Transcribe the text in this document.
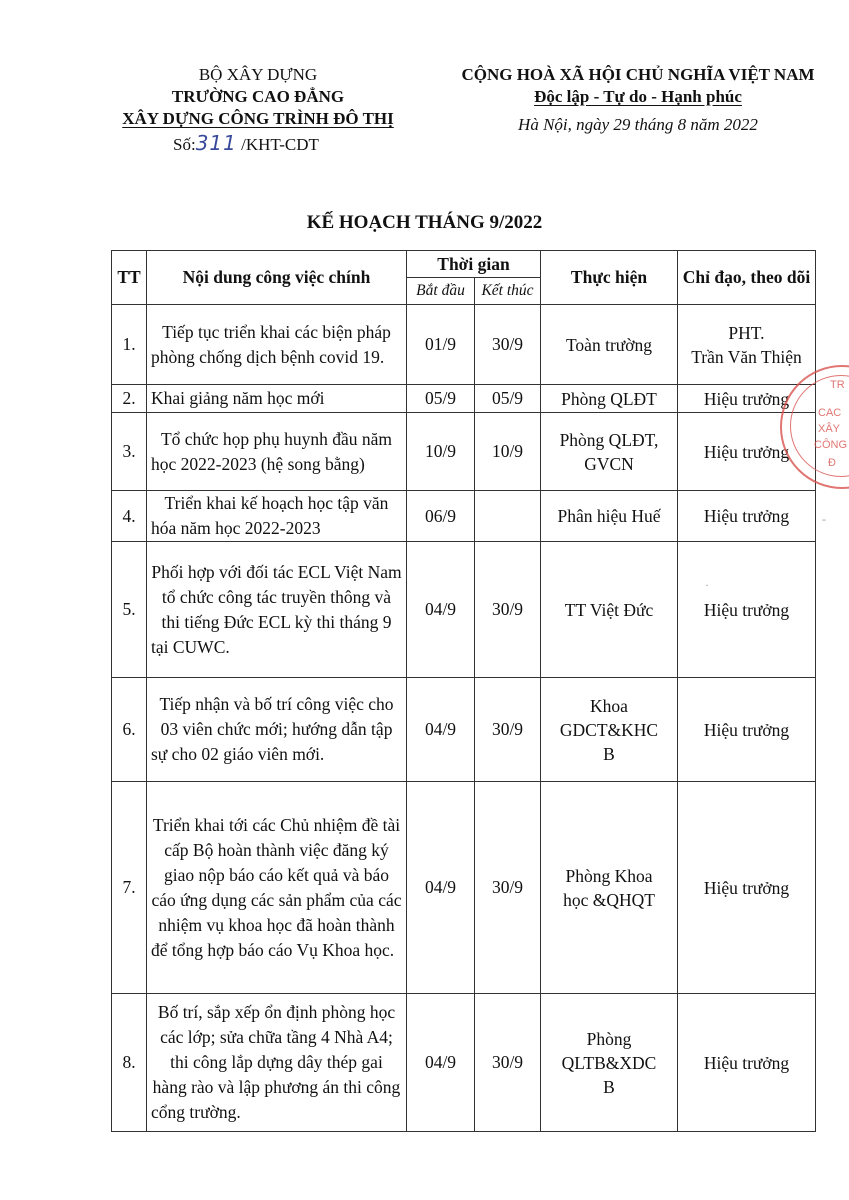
BỘ XÂY DỰNG
TRƯỜNG CAO ĐẲNG
XÂY DỰNG CÔNG TRÌNH ĐÔ THỊ
Số:311 /KHT-CDT
CỘNG HOÀ XÃ HỘI CHỦ NGHĨA VIỆT NAM
Độc lập - Tự do - Hạnh phúc
Hà Nội, ngày 29 tháng 8 năm 2022
KẾ HOẠCH THÁNG 9/2022
TT	Nội dung công việc chính	Thời gian		Thực hiện	Chỉ đạo, theo dõi
		Bắt đầu	Kết thúc		
1.	Tiếp tục triển khai các biện pháp phòng chống dịch bệnh covid 19.	01/9	30/9	Toàn trường	PHT.
Trần Văn Thiện
2.	Khai giảng năm học mới	05/9	05/9	Phòng QLĐT	Hiệu trưởng
3.	Tổ chức họp phụ huynh đầu năm học 2022-2023 (hệ song bằng)	10/9	10/9	Phòng QLĐT,
GVCN	Hiệu trưởng
4.	Triển khai kế hoạch học tập văn hóa năm học 2022-2023	06/9		Phân hiệu Huế	Hiệu trưởng
5.	Phối hợp với đối tác ECL Việt Nam tổ chức công tác truyền thông và thi tiếng Đức ECL kỳ thi tháng 9 tại CUWC.	04/9	30/9	TT Việt Đức	Hiệu trưởng
6.	Tiếp nhận và bố trí công việc cho 03 viên chức mới; hướng dẫn tập sự cho 02 giáo viên mới.	04/9	30/9	Khoa
GDCT&KHC
B	Hiệu trưởng
7.	Triển khai tới các Chủ nhiệm đề tài cấp Bộ hoàn thành việc đăng ký giao nộp báo cáo kết quả và báo cáo ứng dụng các sản phẩm của các nhiệm vụ khoa học đã hoàn thành để tổng hợp báo cáo Vụ Khoa học.	04/9	30/9	Phòng Khoa
học &QHQT	Hiệu trưởng
8.	Bố trí, sắp xếp ổn định phòng học các lớp; sửa chữa tầng 4 Nhà A4; thi công lắp dựng dây thép gai hàng rào và lập phương án thi công cổng trường.	04/9	30/9	Phòng
QLTB&XDC
B	Hiệu trưởng
TR
CAC
XÂY
CÔNG
Đ
·
-
